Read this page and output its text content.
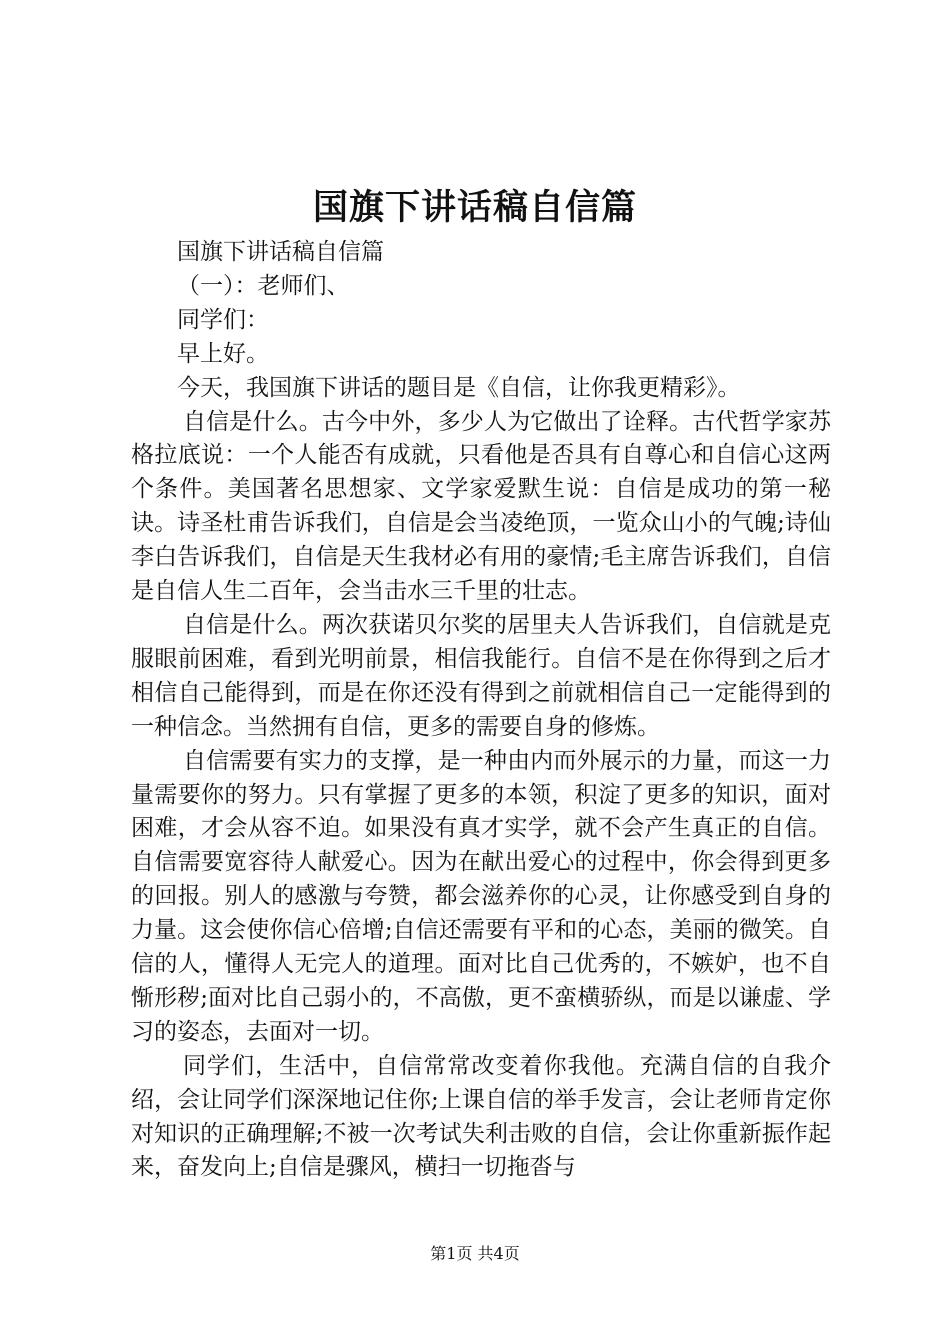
国旗下讲话稿自信篇

国旗下讲话稿自信篇

（一）：老师们、

同学们：

早上好。

今天，我国旗下讲话的题目是《自信，让你我更精彩》。

自信是什么。古今中外，多少人为它做出了诠释。古代哲学家苏格拉底说：一个人能否有成就，只看他是否具有自尊心和自信心这两个条件。美国著名思想家、文学家爱默生说：自信是成功的第一秘诀。诗圣杜甫告诉我们，自信是会当凌绝顶，一览众山小的气魄;诗仙李白告诉我们，自信是天生我材必有用的豪情;毛主席告诉我们，自信是自信人生二百年，会当击水三千里的壮志。

自信是什么。两次获诺贝尔奖的居里夫人告诉我们，自信就是克服眼前困难，看到光明前景，相信我能行。自信不是在你得到之后才相信自己能得到，而是在你还没有得到之前就相信自己一定能得到的一种信念。当然拥有自信，更多的需要自身的修炼。

自信需要有实力的支撑，是一种由内而外展示的力量，而这一力量需要你的努力。只有掌握了更多的本领，积淀了更多的知识，面对困难，才会从容不迫。如果没有真才实学，就不会产生真正的自信。自信需要宽容待人献爱心。因为在献出爱心的过程中，你会得到更多的回报。别人的感激与夸赞，都会滋养你的心灵，让你感受到自身的力量。这会使你信心倍增;自信还需要有平和的心态，美丽的微笑。自信的人，懂得人无完人的道理。面对比自己优秀的，不嫉妒，也不自惭形秽;面对比自己弱小的，不高傲，更不蛮横骄纵，而是以谦虚、学习的姿态，去面对一切。

同学们，生活中，自信常常改变着你我他。充满自信的自我介绍，会让同学们深深地记住你;上课自信的举手发言，会让老师肯定你对知识的正确理解;不被一次考试失利击败的自信，会让你重新振作起来，奋发向上;自信是骤风，横扫一切拖沓与

第1页 共4页
